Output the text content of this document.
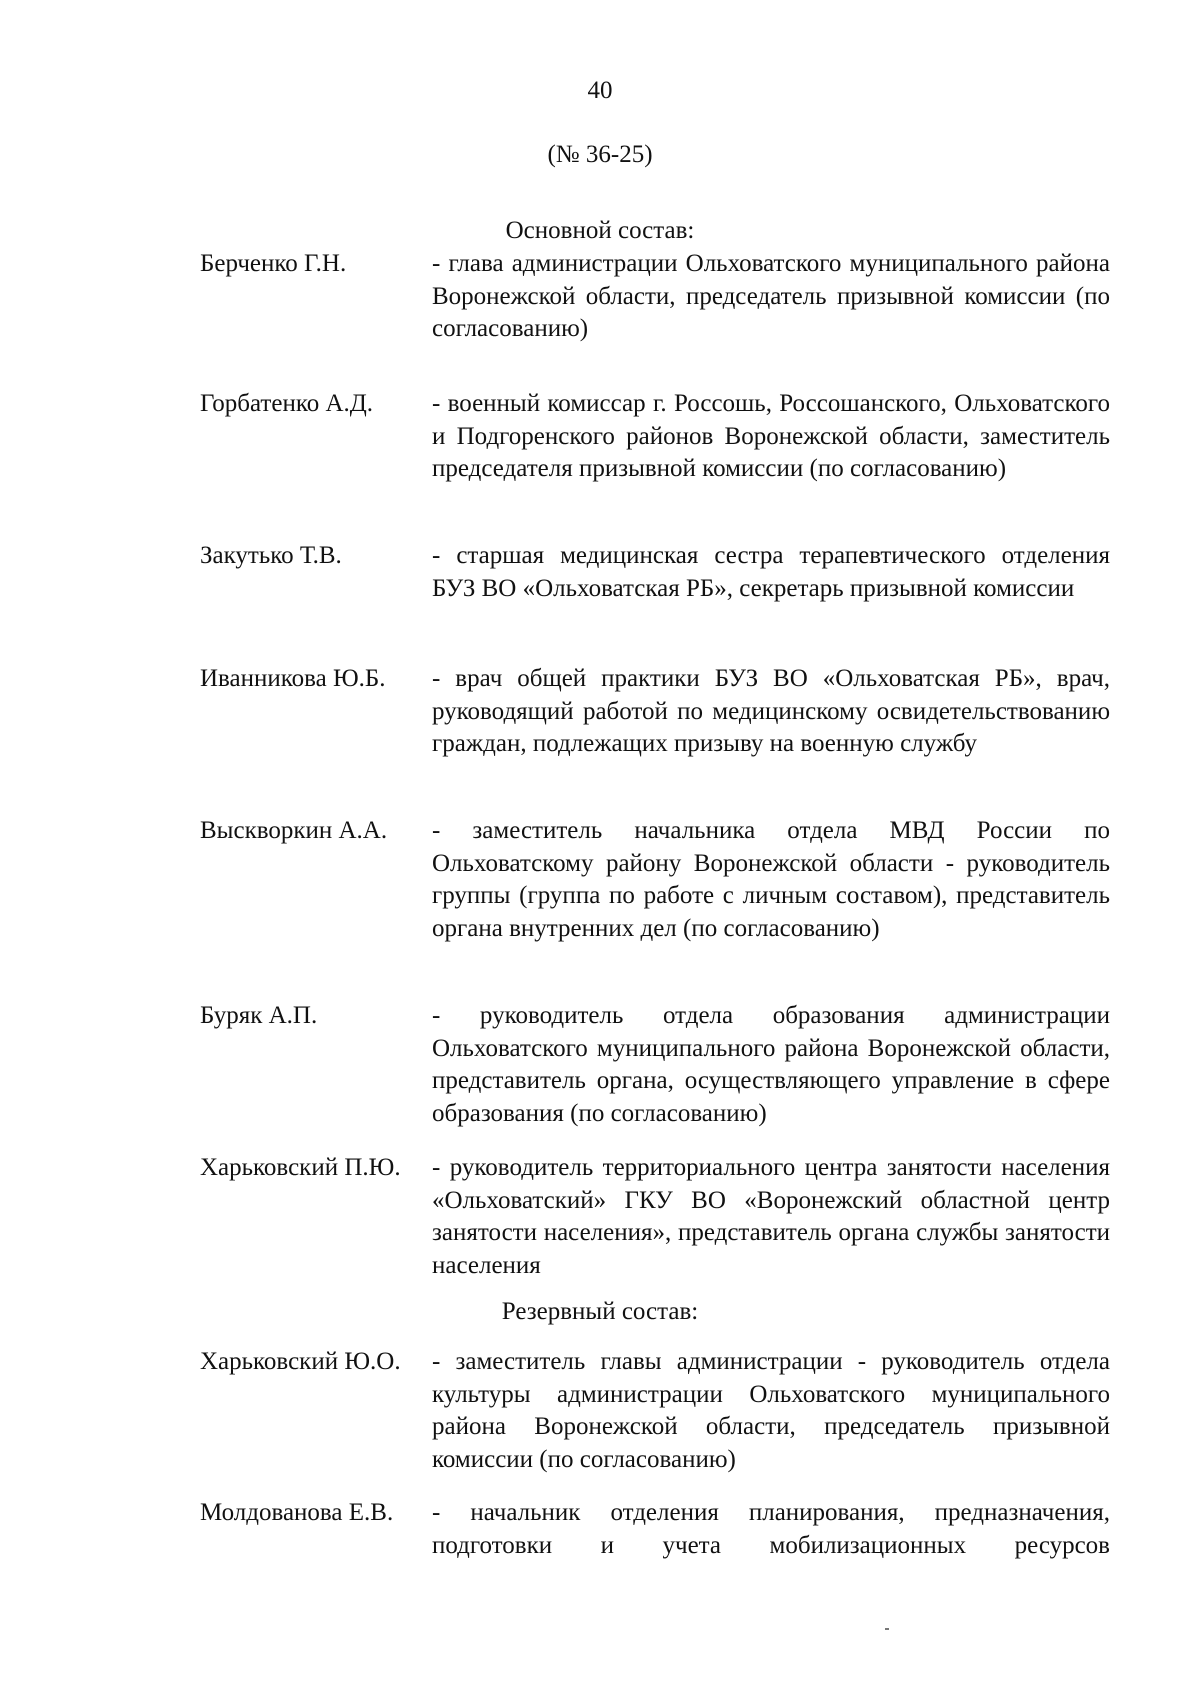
40
(№ 36-25)
Основной состав:
Берченко Г.Н.	- глава администрации Ольховатского муниципального района Воронежской области, председатель призывной комиссии (по согласованию)
Горбатенко А.Д.	- военный комиссар г. Россошь, Россошанского, Ольховатского и Подгоренского районов Воронежской области, заместитель председателя призывной комиссии (по согласованию)
Закутько Т.В.	- старшая медицинская сестра терапевтического отделения БУЗ ВО «Ольховатская РБ», секретарь призывной комиссии
Иванникова Ю.Б.	- врач общей практики БУЗ ВО «Ольховатская РБ», врач, руководящий работой по медицинскому освидетельствованию граждан, подлежащих призыву на военную службу
Выскворкин А.А.	- заместитель начальника отдела МВД России по Ольховатскому району Воронежской области - руководитель группы (группа по работе с личным составом), представитель органа внутренних дел (по согласованию)
Буряк А.П.	- руководитель отдела образования администрации Ольховатского муниципального района Воронежской области, представитель органа, осуществляющего управление в сфере образования (по согласованию)
Харьковский П.Ю.	- руководитель территориального центра занятости населения «Ольховатский» ГКУ ВО «Воронежский областной центр занятости населения», представитель органа службы занятости населения
Резервный состав:
Харьковский Ю.О.	- заместитель главы администрации - руководитель отдела культуры администрации Ольховатского муниципального района Воронежской области, председатель призывной комиссии (по согласованию)
Молдованова Е.В.	- начальник отделения планирования, предназначения, подготовки и учета мобилизационных ресурсов
